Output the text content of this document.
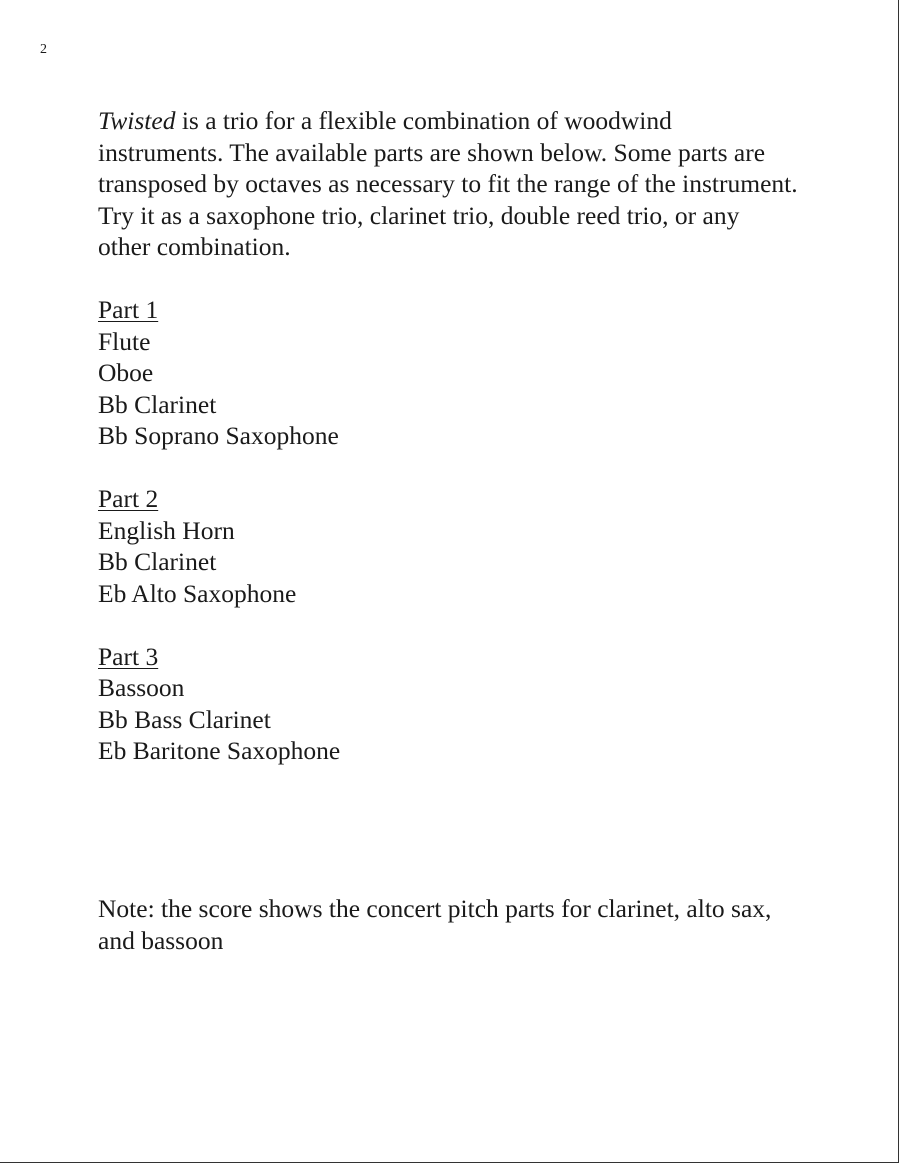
2

Twisted is a trio for a flexible combination of woodwind instruments. The available parts are shown below. Some parts are transposed by octaves as necessary to fit the range of the instrument. Try it as a saxophone trio, clarinet trio, double reed trio, or any other combination.

Part 1
Flute
Oboe
Bb Clarinet
Bb Soprano Saxophone
Part 2
English Horn
Bb Clarinet
Eb Alto Saxophone
Part 3
Bassoon
Bb Bass Clarinet
Eb Baritone Saxophone

Note: the score shows the concert pitch parts for clarinet, alto sax, and bassoon
